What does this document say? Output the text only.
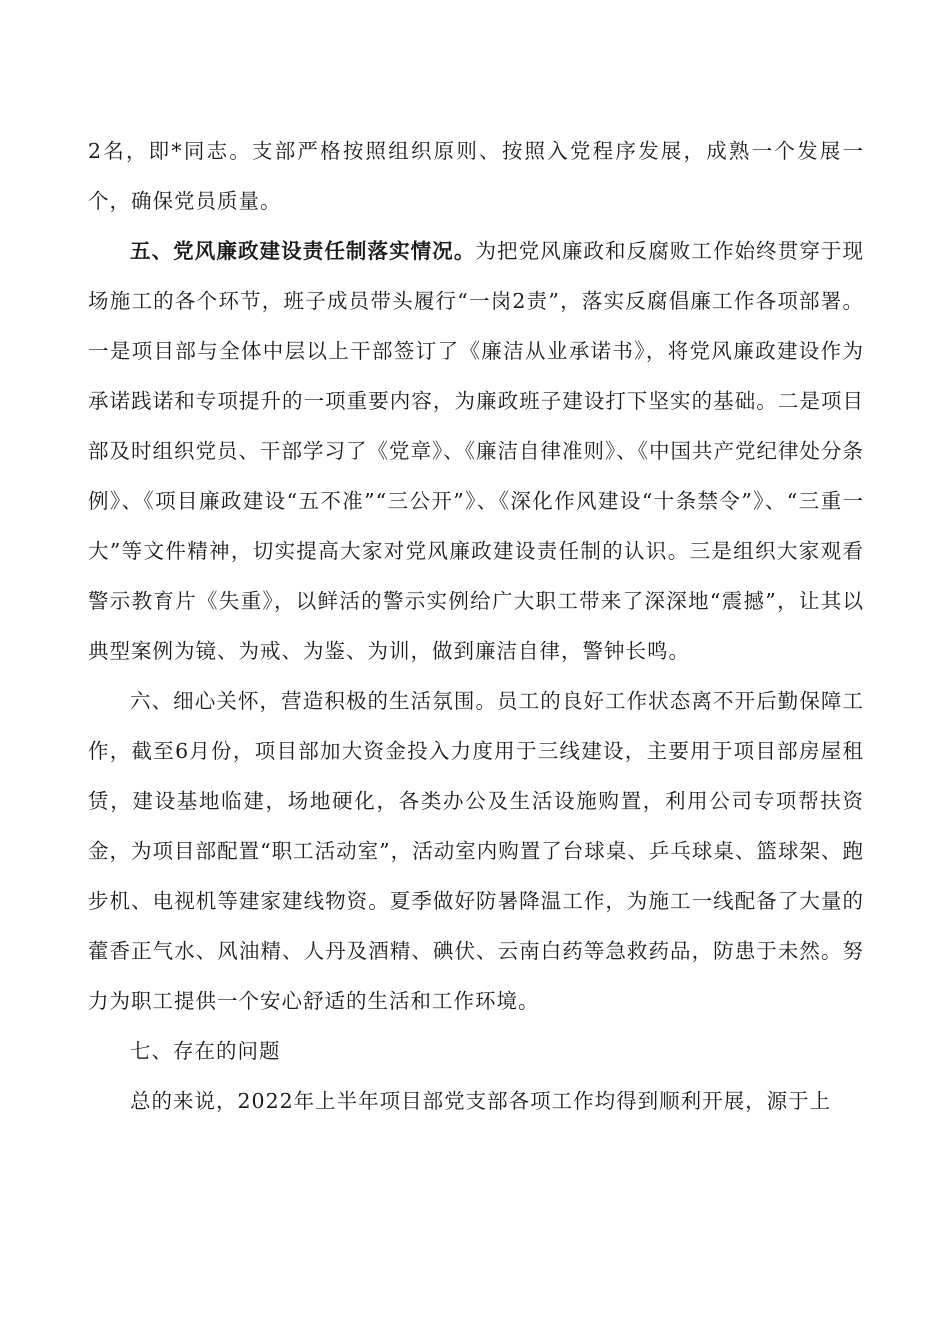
2名，即*同志。支部严格按照组织原则、按照入党程序发展，成熟一个发展一个，确保党员质量。

五、党风廉政建设责任制落实情况。为把党风廉政和反腐败工作始终贯穿于现场施工的各个环节，班子成员带头履行“一岗2责”，落实反腐倡廉工作各项部署。一是项目部与全体中层以上干部签订了《廉洁从业承诺书》，将党风廉政建设作为承诺践诺和专项提升的一项重要内容，为廉政班子建设打下坚实的基础。二是项目部及时组织党员、干部学习了《党章》、《廉洁自律准则》、《中国共产党纪律处分条例》、《项目廉政建设“五不准”“三公开”》、《深化作风建设“十条禁令”》、“三重一大”等文件精神，切实提高大家对党风廉政建设责任制的认识。三是组织大家观看警示教育片《失重》，以鲜活的警示实例给广大职工带来了深深地“震撼”，让其以典型案例为镜、为戒、为鉴、为训，做到廉洁自律，警钟长鸣。

六、细心关怀，营造积极的生活氛围。员工的良好工作状态离不开后勤保障工作，截至6月份，项目部加大资金投入力度用于三线建设，主要用于项目部房屋租赁，建设基地临建，场地硬化，各类办公及生活设施购置，利用公司专项帮扶资金，为项目部配置“职工活动室”，活动室内购置了台球桌、乒乓球桌、篮球架、跑步机、电视机等建家建线物资。夏季做好防暑降温工作，为施工一线配备了大量的藿香正气水、风油精、人丹及酒精、碘伏、云南白药等急救药品，防患于未然。努力为职工提供一个安心舒适的生活和工作环境。

七、存在的问题

总的来说，2022年上半年项目部党支部各项工作均得到顺利开展，源于上
